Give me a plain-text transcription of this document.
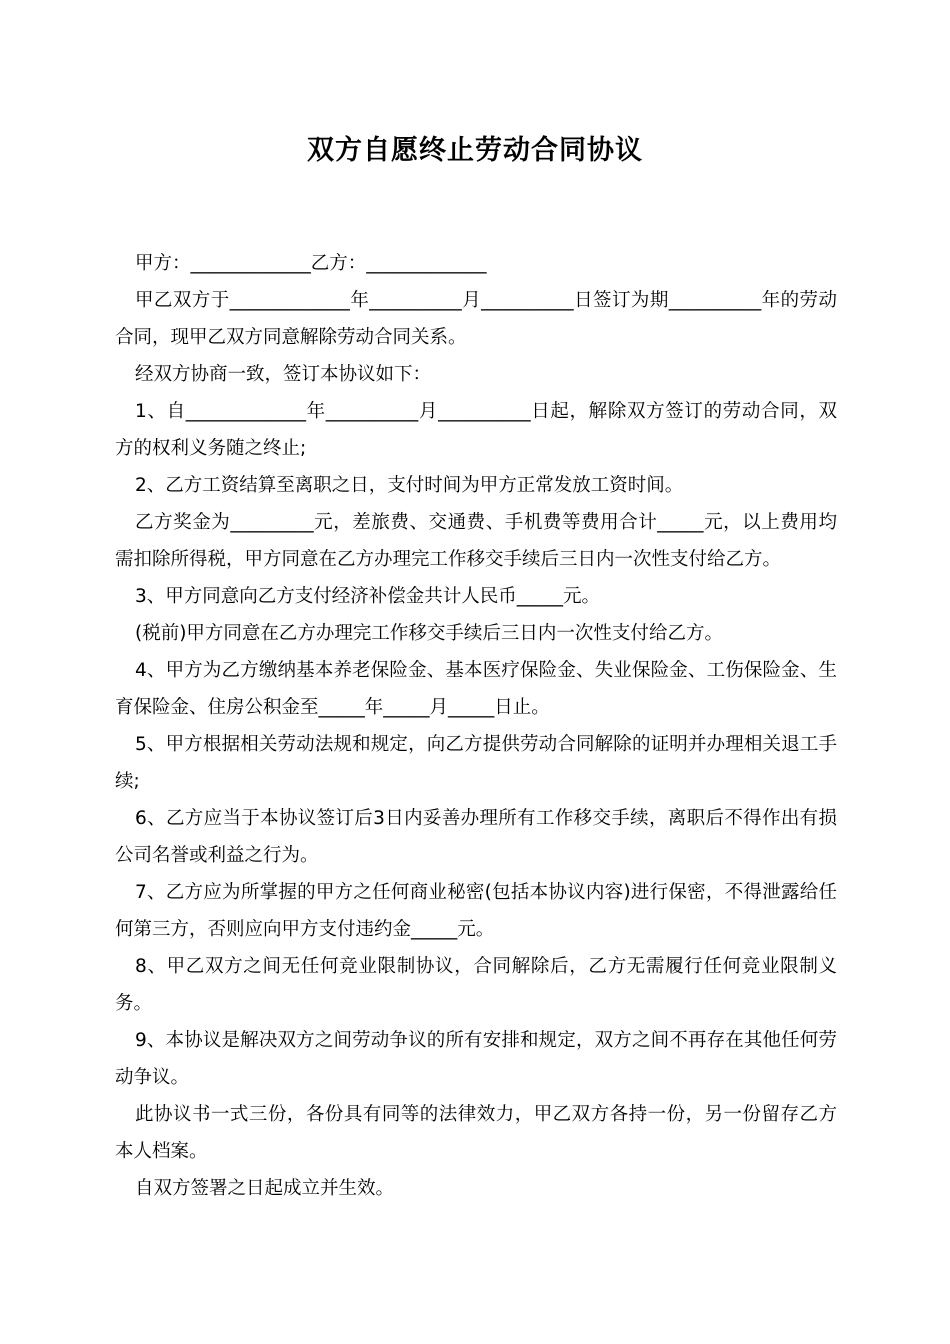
双方自愿终止劳动合同协议

甲方：_____________乙方：_____________

甲乙双方于_____________年__________月__________日签订为期__________年的劳动合同，现甲乙双方同意解除劳动合同关系。

经双方协商一致，签订本协议如下：

1、自_____________年__________月__________日起，解除双方签订的劳动合同，双方的权利义务随之终止;

2、乙方工资结算至离职之日，支付时间为甲方正常发放工资时间。

乙方奖金为_________元，差旅费、交通费、手机费等费用合计_____元，以上费用均需扣除所得税，甲方同意在乙方办理完工作移交手续后三日内一次性支付给乙方。

3、甲方同意向乙方支付经济补偿金共计人民币_____元。

(税前)甲方同意在乙方办理完工作移交手续后三日内一次性支付给乙方。

4、甲方为乙方缴纳基本养老保险金、基本医疗保险金、失业保险金、工伤保险金、生育保险金、住房公积金至_____年_____月_____日止。

5、甲方根据相关劳动法规和规定，向乙方提供劳动合同解除的证明并办理相关退工手续;

6、乙方应当于本协议签订后3日内妥善办理所有工作移交手续，离职后不得作出有损公司名誉或利益之行为。

7、乙方应为所掌握的甲方之任何商业秘密(包括本协议内容)进行保密，不得泄露给任何第三方，否则应向甲方支付违约金_____元。

8、甲乙双方之间无任何竞业限制协议，合同解除后，乙方无需履行任何竞业限制义务。

9、本协议是解决双方之间劳动争议的所有安排和规定，双方之间不再存在其他任何劳动争议。

此协议书一式三份，各份具有同等的法律效力，甲乙双方各持一份，另一份留存乙方本人档案。

自双方签署之日起成立并生效。
